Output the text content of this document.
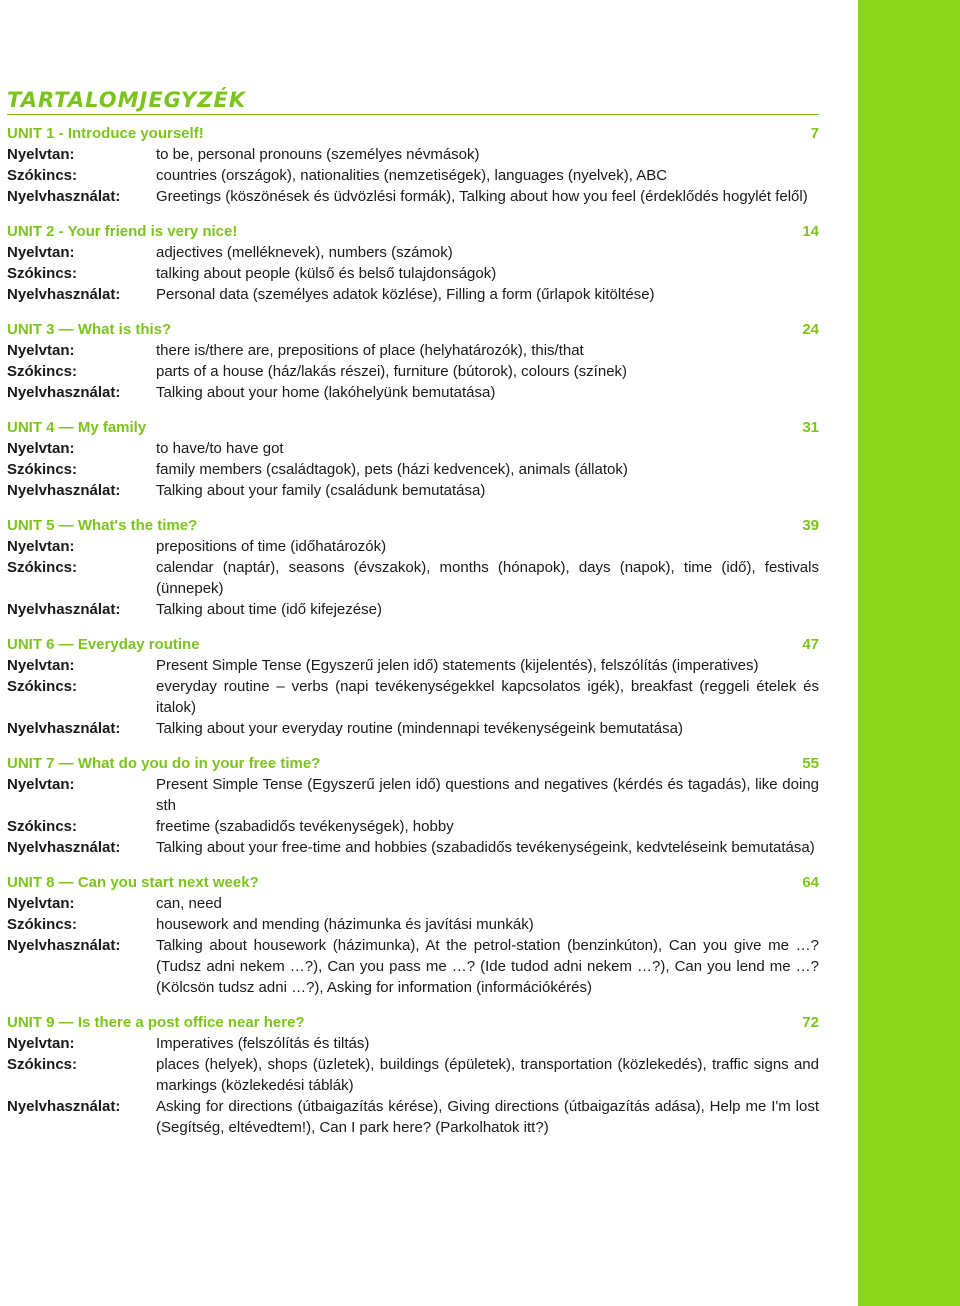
TARTALOMJEGYZÉK
UNIT 1 - Introduce yourself!	7
Nyelvtan:	to be, personal pronouns (személyes névmások)
Szókincs:	countries (országok), nationalities (nemzetiségek), languages (nyelvek), ABC
Nyelvhasználat:	Greetings (köszönések és üdvözlési formák), Talking about how you feel (érdeklődés hogylét felől)
UNIT 2 - Your friend is very nice!	14
Nyelvtan:	adjectives (melléknevek), numbers (számok)
Szókincs:	talking about people (külső és belső tulajdonságok)
Nyelvhasználat:	Personal data (személyes adatok közlése), Filling a form (űrlapok kitöltése)
UNIT 3 — What is this?	24
Nyelvtan:	there is/there are, prepositions of place (helyhatározók), this/that
Szókincs:	parts of a house (ház/lakás részei), furniture (bútorok), colours (színek)
Nyelvhasználat:	Talking about your home (lakóhelyünk bemutatása)
UNIT 4 — My family	31
Nyelvtan:	to have/to have got
Szókincs:	family members (családtagok), pets (házi kedvencek), animals (állatok)
Nyelvhasználat:	Talking about your family (családunk bemutatása)
UNIT 5 — What's the time?	39
Nyelvtan:	prepositions of time (időhatározók)
Szókincs:	calendar (naptár), seasons (évszakok), months (hónapok), days (napok), time (idő), festivals (ünnepek)
Nyelvhasználat:	Talking about time (idő kifejezése)
UNIT 6 — Everyday routine	47
Nyelvtan:	Present Simple Tense (Egyszerű jelen idő) statements (kijelentés), felszólítás (imperatives)
Szókincs:	everyday routine – verbs (napi tevékenységekkel kapcsolatos igék), breakfast (reggeli ételek és italok)
Nyelvhasználat:	Talking about your everyday routine (mindennapi tevékenységeink bemutatása)
UNIT 7 — What do you do in your free time?	55
Nyelvtan:	Present Simple Tense (Egyszerű jelen idő) questions and negatives (kérdés és tagadás), like doing sth
Szókincs:	freetime (szabadidős tevékenységek), hobby
Nyelvhasználat:	Talking about your free-time and hobbies (szabadidős tevékenységeink, kedvteléseink bemutatása)
UNIT 8 — Can you start next week?	64
Nyelvtan:	can, need
Szókincs:	housework and mending (házimunka és javítási munkák)
Nyelvhasználat:	Talking about housework (házimunka), At the petrol-station (benzinkúton), Can you give me …? (Tudsz adni nekem …?), Can you pass me …? (Ide tudod adni nekem …?), Can you lend me …? (Kölcsön tudsz adni …?), Asking for information (információkérés)
UNIT 9 — Is there a post office near here?	72
Nyelvtan:	Imperatives (felszólítás és tiltás)
Szókincs:	places (helyek), shops (üzletek), buildings (épületek), transportation (közlekedés), traffic signs and markings (közlekedési táblák)
Nyelvhasználat:	Asking for directions (útbaigazítás kérése), Giving directions (útbaigazítás adása), Help me I'm lost (Segítség, eltévedtem!), Can I park here? (Parkolhatok itt?)
